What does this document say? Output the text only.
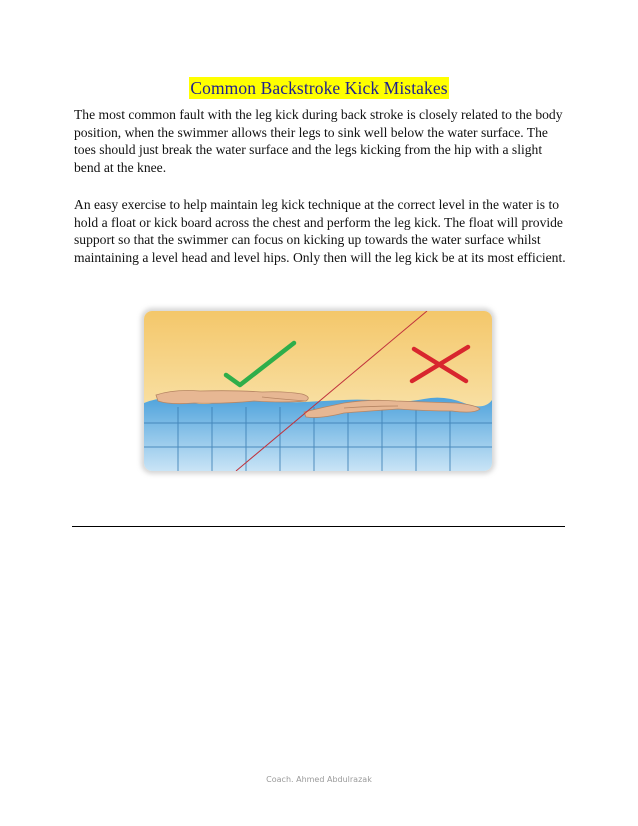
Common Backstroke Kick Mistakes

The most common fault with the leg kick during back stroke is closely related to the body position, when the swimmer allows their legs to sink well below the water surface. The toes should just break the water surface and the legs kicking from the hip with a slight bend at the knee.

An easy exercise to help maintain leg kick technique at the correct level in the water is to hold a float or kick board across the chest and perform the leg kick. The float will provide support so that the swimmer can focus on kicking up towards the water surface whilst maintaining a level head and level hips. Only then will the leg kick be at its most efficient.

Coach. Ahmed Abdulrazak
